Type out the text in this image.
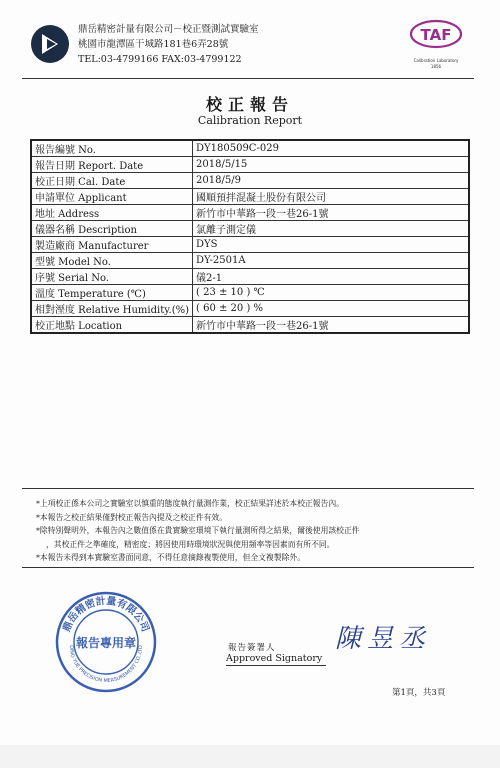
鼎岳精密計量有限公司－校正暨測試實驗室
桃園市龍潭區干城路181巷6弄28號
TEL:03-4799166 FAX:03-4799122
TAF
Calibration Laboratory
1856
校正報告
Calibration Report
報告編號 No.	DY180509C-029
報告日期 Report. Date	2018/5/15
校正日期 Cal. Date	2018/5/9
申請單位 Applicant	國順預拌混凝土股份有限公司
地址 Address	新竹市中華路一段一巷26-1號
儀器名稱 Description	氯離子測定儀
製造廠商 Manufacturer	DYS
型號 Model No.	DY-2501A
序號 Serial No.	儀2-1
溫度 Temperature (℃)	( 23 ± 10 ) ℃
相對溼度 Relative Humidity.(%)	( 60 ± 20 ) %
校正地點 Location	新竹市中華路一段一巷26-1號
*上項校正係本公司之實驗室以慎重的態度執行量測作業，校正結果詳述於本校正報告內。
*本報告之校正結果僅對校正報告內提及之校正件有效。
*除特別聲明外，本報告內之數值係在貴實驗室環境下執行量測所得之結果，爾後使用該校正件
，其校正件之準確度，精密度；將因使用時環境狀況與使用頻率等因素而有所不同。
*本報告未得到本實驗室書面同意，不得任意摘錄複製使用，但全文複製除外。
鼎岳精密計量有限公司
DING YUE PRECISION MEASUREMENT CO.,LTD
報告專用章	報告簽署人
Approved Signatory
陳昱丞
第1頁，共3頁
